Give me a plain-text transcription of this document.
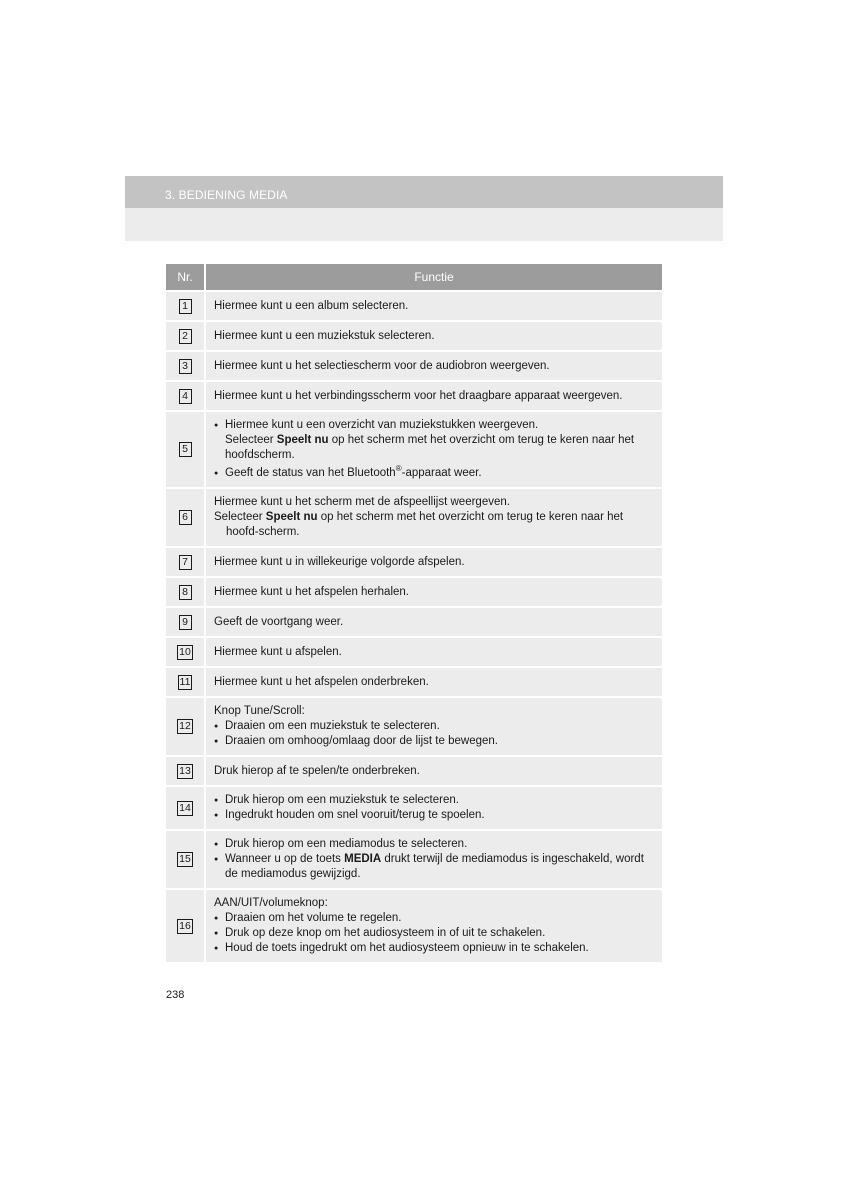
3. BEDIENING MEDIA
Nr.	Functie
1	Hiermee kunt u een album selecteren.
2	Hiermee kunt u een muziekstuk selecteren.
3	Hiermee kunt u het selectiescherm voor de audiobron weergeven.
4	Hiermee kunt u het verbindingsscherm voor het draagbare apparaat weergeven.
5	● Hiermee kunt u een overzicht van muziekstukken weergeven.
Selecteer Speelt nu op het scherm met het overzicht om terug te keren naar het hoofdscherm.
● Geeft de status van het Bluetooth®-apparaat weer.

6	Hiermee kunt u het scherm met de afspeellijst weergeven.
Selecteer Speelt nu op het scherm met het overzicht om terug te keren naar het hoofd-scherm.

7	Hiermee kunt u in willekeurige volgorde afspelen.
8	Hiermee kunt u het afspelen herhalen.
9	Geeft de voortgang weer.
10	Hiermee kunt u afspelen.
11	Hiermee kunt u het afspelen onderbreken.
12	Knop Tune/Scroll:
● Draaien om een muziekstuk te selecteren.
● Draaien om omhoog/omlaag door de lijst te bewegen.

13	Druk hierop af te spelen/te onderbreken.
14	● Druk hierop om een muziekstuk te selecteren.
● Ingedrukt houden om snel vooruit/terug te spoelen.

15	● Druk hierop om een mediamodus te selecteren.
● Wanneer u op de toets MEDIA drukt terwijl de mediamodus is ingeschakeld, wordt de mediamodus gewijzigd.

16	AAN/UIT/volumeknop:
● Draaien om het volume te regelen.
● Druk op deze knop om het audiosysteem in of uit te schakelen.
● Houd de toets ingedrukt om het audiosysteem opnieuw in te schakelen.
238
